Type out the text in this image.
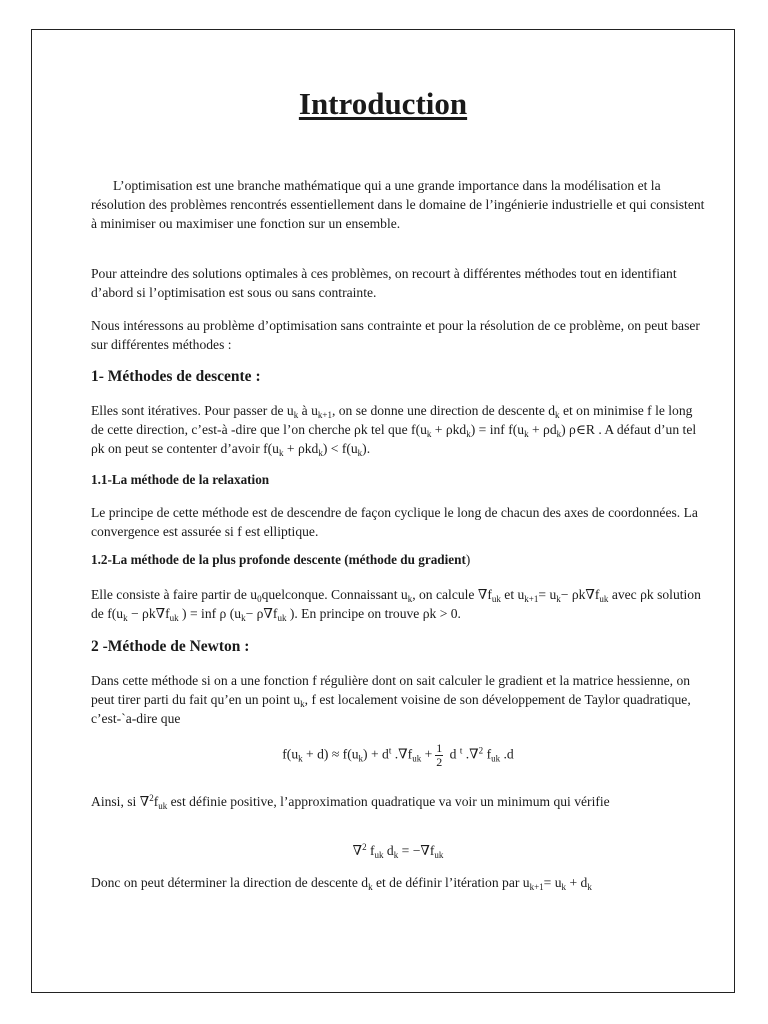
Introduction

L’optimisation est une branche mathématique qui a une grande importance dans la modélisation et la résolution des problèmes rencontrés essentiellement dans le domaine de l’ingénierie industrielle et qui consistent à minimiser ou maximiser une fonction sur un ensemble.

Pour atteindre des solutions optimales à ces problèmes, on recourt à différentes méthodes tout en identifiant d’abord si l’optimisation est sous ou sans contrainte.

Nous intéressons au problème d’optimisation sans contrainte et pour la résolution de ce problème, on peut baser sur différentes méthodes :

1- Méthodes de descente :

Elles sont itératives. Pour passer de $u_k$ à $u_{k+1}$, on se donne une direction de descente $d_k$ et on minimise f le long de cette direction, c’est-à -dire que l’on cherche ρk tel que $f(u_k + \rho kd_k)$ = inf $f(u_k + \rho d_k)$ ρ∈R . A défaut d’un tel ρk on peut se contenter d’avoir $f(u_k + \rho kd_k) < f(u_k)$.

1.1-La méthode de la relaxation

Le principe de cette méthode est de descendre de façon cyclique le long de chacun des axes de coordonnées. La convergence est assurée si f est elliptique.

1.2-La méthode de la plus profonde descente (méthode du gradient)

Elle consiste à faire partir de $u_0quelconque$. Connaissant $u_k$, on calcule $\nabla f_{uk}$ et $u_{k+1}= u_k- \rho k\nabla f_{uk}$ avec ρk solution de $f(u_k - \rho k\nabla f_{uk}$ ) = inf ρ ($u_k- \rho\nabla f_{uk}$ ). En principe on trouve ρk > 0.

2 -Méthode de Newton :

Dans cette méthode si on a une fonction f régulière dont on sait calculer le gradient et la matrice hessienne, on peut tirer parti du fait qu’en un point $u_k$, f est localement voisine de son développement de Taylor quadratique, c’est-`a-dire que

$f(u_k + d) \approx f(u_k) + d^t$ $.\nabla f_{uk} + \frac{1}{2}$ d $^t$ .∇$^2$ $f_{uk}$ .d

Ainsi, si $\nabla^2f_{uk}$ est définie positive, l’approximation quadratique va voir un minimum qui vérifie

∇$^2$ $f_{uk}$ $d_k = -\nabla f_{uk}$

Donc on peut déterminer la direction de descente $d_k$ et de définir l’itération par $u_{k+1}= u_k + d_k$
